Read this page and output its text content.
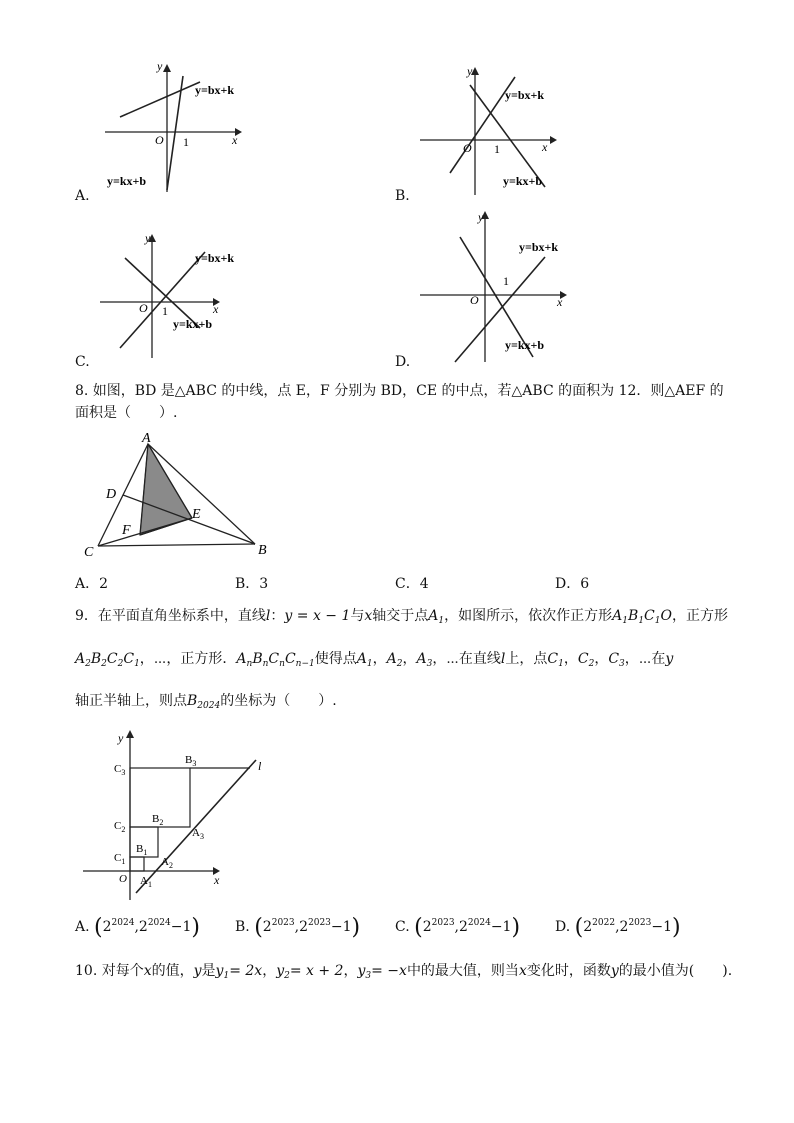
y
x
O 1
y=bx+k
y=kx+b
A.
y
x
O 1
y=bx+k
y=kx+b
B.
y
x
O 1
y=bx+k
y=kx+b
C.
y
x
O
1
y=bx+k
y=kx+b
D.
8. 如图，BD 是△ABC 的中线，点 E，F 分别为 BD，CE 的中点，若△ABC 的面积为 12．则△AEF 的
面积是（　　）.
A
B
C
D
E
F
A．2	B．3	C．4	D．6
9．在平面直角坐标系中，直线l：y = x − 1与x轴交于点$A_1$，如图所示，依次作正方形$A_1B_1C_1O$，正方形
$A_2B_2C_2C_1$，⋯，正方形．$A_nB_nC_nC_{n-1}$使得点$A_1$，$A_2$，$A_3$，⋯在直线l上，点$C_1$，$C_2$，$C_3$，⋯在y
轴正半轴上，则点$B_{2024}$的坐标为（　　）.
y
x
O
l
$C_3$
$C_2$
$C_1$
$B_3$
$B_2$
$B_1$
$A_3$
$A_2$
$A_1$
A. $(2^{2024},2^{2024}-1)$	B. $(2^{2023},2^{2023}-1)$ C. $(2^{2023},2^{2024}-1)$ D. $(2^{2022},2^{2023}-1)$
10. 对每个x的值，y是$y_1= 2x$，$y_2= x + 2$，$y_3= -x$中的最大值，则当x变化时，函数y的最小值为(　　).
